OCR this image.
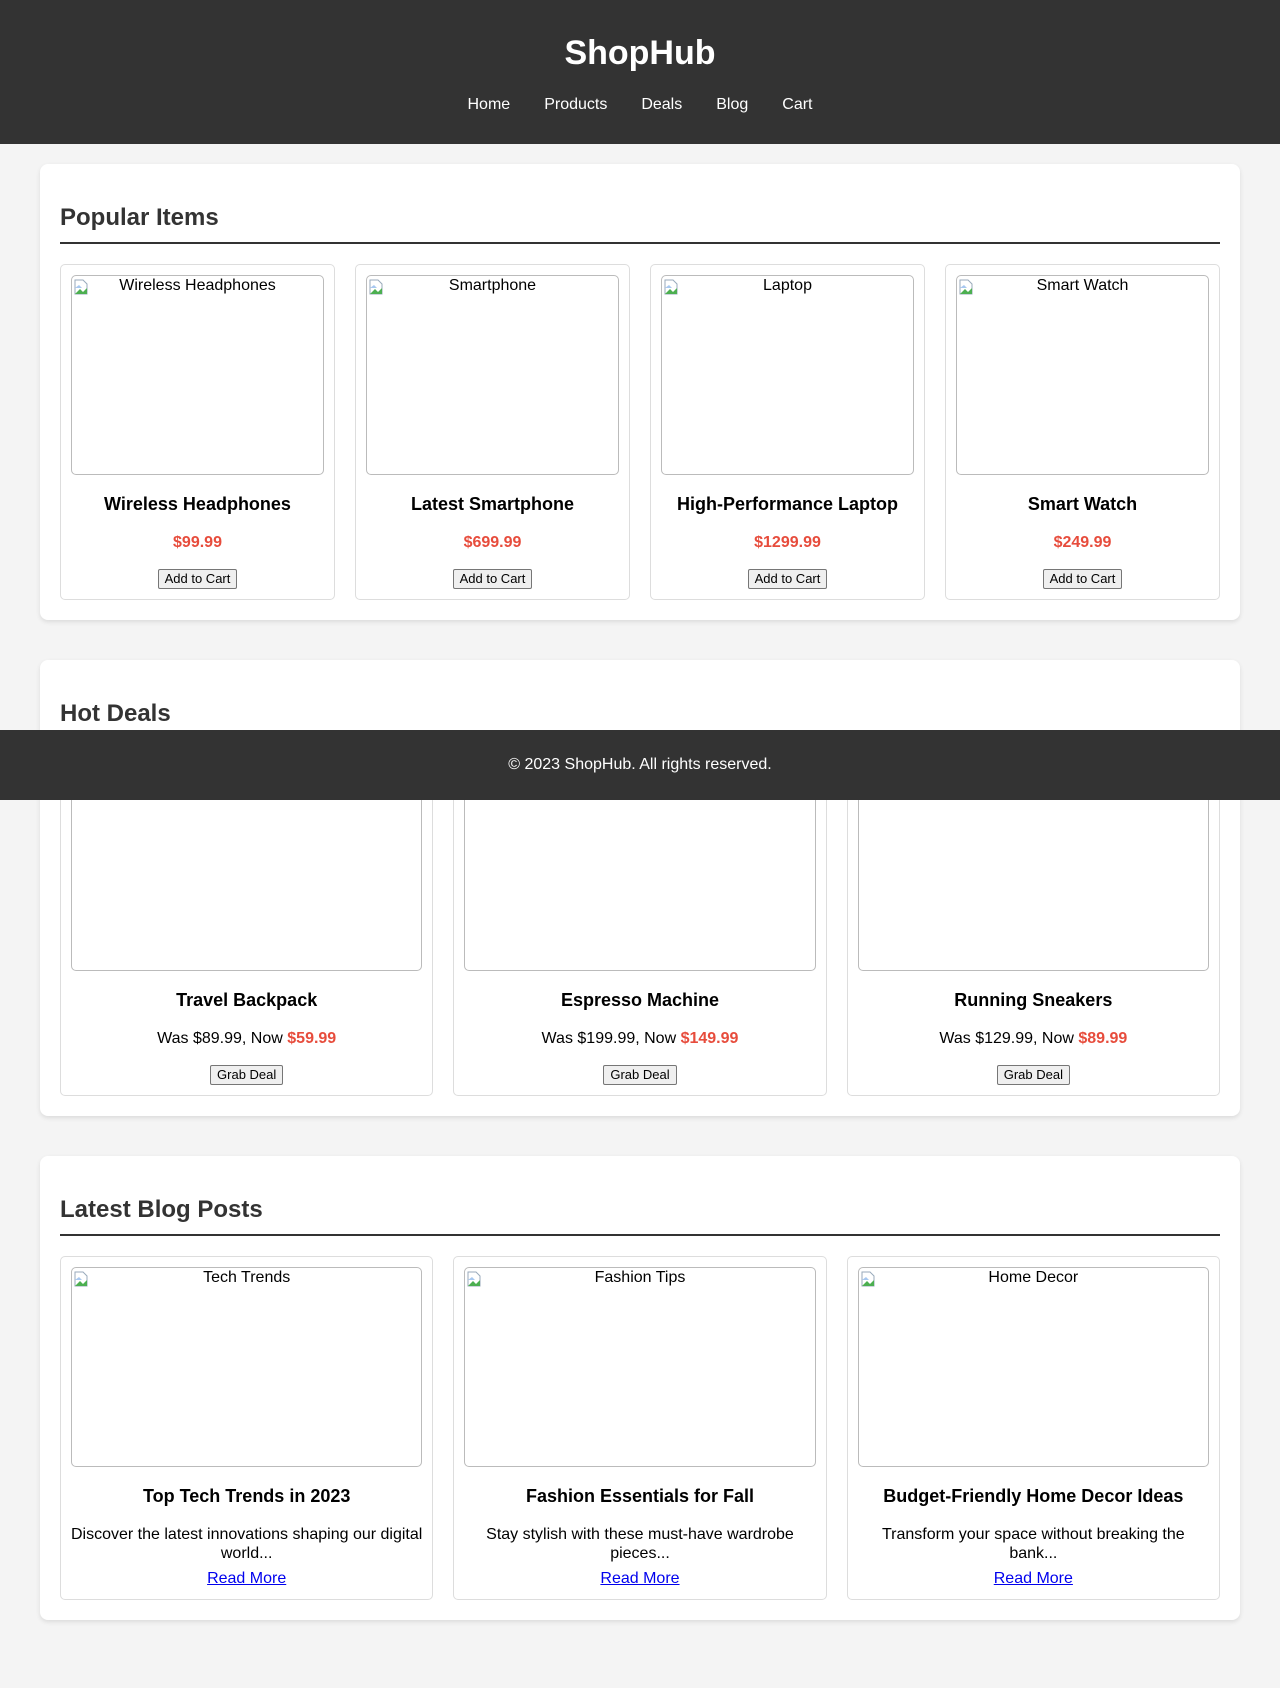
ShopHub
Home	Products	Deals	Blog	Cart
Popular Items
Wireless Headphones
Wireless Headphones

$99.99

Add to Cart
Smartphone
Latest Smartphone

$699.99

Add to Cart
Laptop
High-Performance Laptop

$1299.99

Add to Cart
Smart Watch
Smart Watch

$249.99

Add to Cart
Hot Deals
Travel Backpack

Was $89.99, Now $59.99

Grab Deal
Espresso Machine

Was $199.99, Now $149.99

Grab Deal
Running Sneakers

Was $129.99, Now $89.99

Grab Deal
Latest Blog Posts
Tech Trends
Top Tech Trends in 2023

Discover the latest innovations shaping our digital world...

Read More
Fashion Tips
Fashion Essentials for Fall

Stay stylish with these must-have wardrobe pieces...

Read More
Home Decor
Budget-Friendly Home Decor Ideas

Transform your space without breaking the bank...

Read More
© 2023 ShopHub. All rights reserved.
